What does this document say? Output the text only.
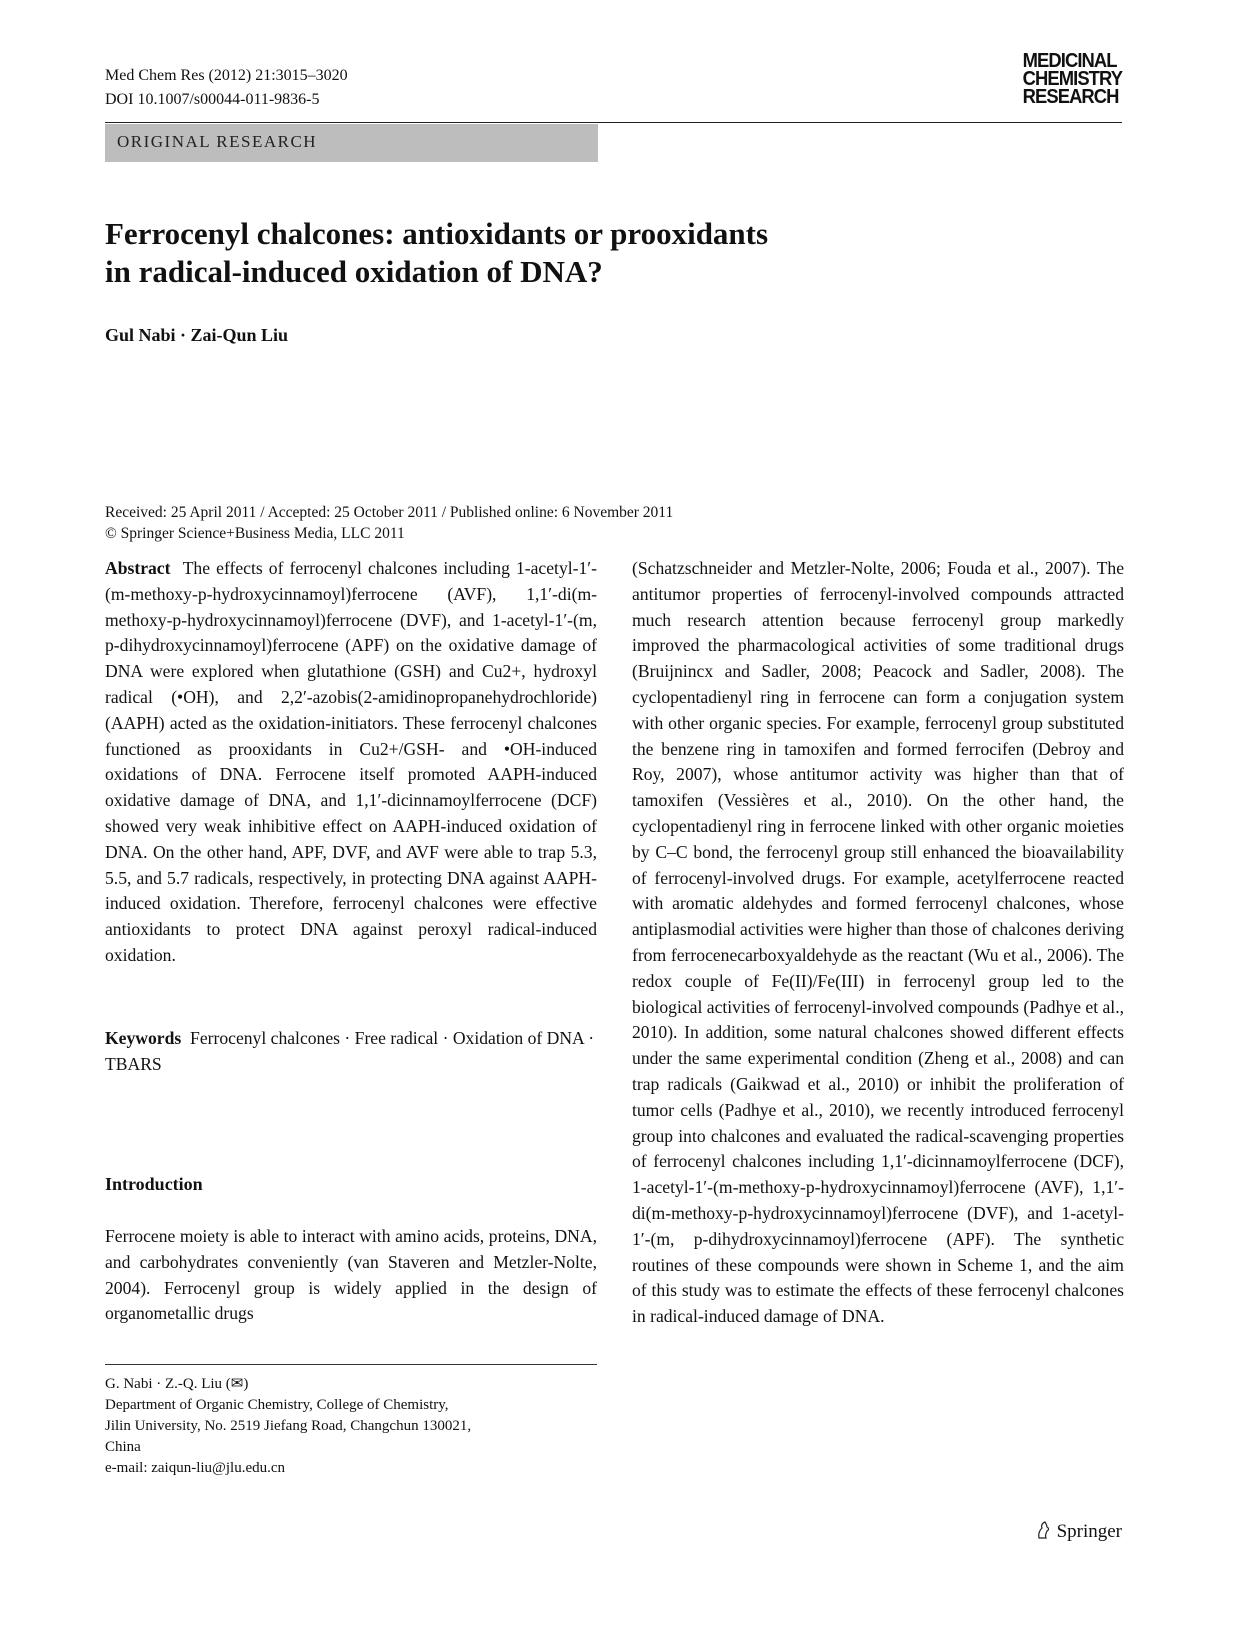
Med Chem Res (2012) 21:3015–3020
DOI 10.1007/s00044-011-9836-5
MEDICINAL
CHEMISTRY
RESEARCH
ORIGINAL RESEARCH
Ferrocenyl chalcones: antioxidants or prooxidants
in radical-induced oxidation of DNA?
Gul Nabi · Zai-Qun Liu
Received: 25 April 2011 / Accepted: 25 October 2011 / Published online: 6 November 2011
© Springer Science+Business Media, LLC 2011

Abstract The effects of ferrocenyl chalcones including 1-acetyl-1′-(m-methoxy-p-hydroxycinnamoyl)ferrocene (AVF), 1,1′-di(m-methoxy-p-hydroxycinnamoyl)ferrocene (DVF), and 1-acetyl-1′-(m, p-dihydroxycinnamoyl)ferrocene (APF) on the oxidative damage of DNA were explored when glutathione (GSH) and Cu2+, hydroxyl radical (•OH), and 2,2′-azobis(2-amidinopropanehydrochloride) (AAPH) acted as the oxidation-initiators. These ferrocenyl chalcones functioned as prooxidants in Cu2+/GSH- and •OH-induced oxidations of DNA. Ferrocene itself promoted AAPH-induced oxidative damage of DNA, and 1,1′-dicinnamoylferrocene (DCF) showed very weak inhibitive effect on AAPH-induced oxidation of DNA. On the other hand, APF, DVF, and AVF were able to trap 5.3, 5.5, and 5.7 radicals, respectively, in protecting DNA against AAPH-induced oxidation. Therefore, ferrocenyl chalcones were effective antioxidants to protect DNA against peroxyl radical-induced oxidation.

Keywords Ferrocenyl chalcones · Free radical · Oxidation of DNA · TBARS

Introduction

Ferrocene moiety is able to interact with amino acids, proteins, DNA, and carbohydrates conveniently (van Staveren and Metzler-Nolte, 2004). Ferrocenyl group is widely applied in the design of organometallic drugs

G. Nabi · Z.-Q. Liu (✉)
Department of Organic Chemistry, College of Chemistry,
Jilin University, No. 2519 Jiefang Road, Changchun 130021,
China
e-mail: zaiqun-liu@jlu.edu.cn

(Schatzschneider and Metzler-Nolte, 2006; Fouda et al., 2007). The antitumor properties of ferrocenyl-involved compounds attracted much research attention because ferrocenyl group markedly improved the pharmacological activities of some traditional drugs (Bruijnincx and Sadler, 2008; Peacock and Sadler, 2008). The cyclopentadienyl ring in ferrocene can form a conjugation system with other organic species. For example, ferrocenyl group substituted the benzene ring in tamoxifen and formed ferrocifen (Debroy and Roy, 2007), whose antitumor activity was higher than that of tamoxifen (Vessières et al., 2010). On the other hand, the cyclopentadienyl ring in ferrocene linked with other organic moieties by C–C bond, the ferrocenyl group still enhanced the bioavailability of ferrocenyl-involved drugs. For example, acetylferrocene reacted with aromatic aldehydes and formed ferrocenyl chalcones, whose antiplasmodial activities were higher than those of chalcones deriving from ferrocenecarboxyaldehyde as the reactant (Wu et al., 2006). The redox couple of Fe(II)/Fe(III) in ferrocenyl group led to the biological activities of ferrocenyl-involved compounds (Padhye et al., 2010). In addition, some natural chalcones showed different effects under the same experimental condition (Zheng et al., 2008) and can trap radicals (Gaikwad et al., 2010) or inhibit the proliferation of tumor cells (Padhye et al., 2010), we recently introduced ferrocenyl group into chalcones and evaluated the radical-scavenging properties of ferrocenyl chalcones including 1,1′-dicinnamoylferrocene (DCF), 1-acetyl-1′-(m-methoxy-p-hydroxycinnamoyl)ferrocene (AVF), 1,1′-di(m-methoxy-p-hydroxycinnamoyl)ferrocene (DVF), and 1-acetyl-1′-(m, p-dihydroxycinnamoyl)ferrocene (APF). The synthetic routines of these compounds were shown in Scheme 1, and the aim of this study was to estimate the effects of these ferrocenyl chalcones in radical-induced damage of DNA.

Springer
